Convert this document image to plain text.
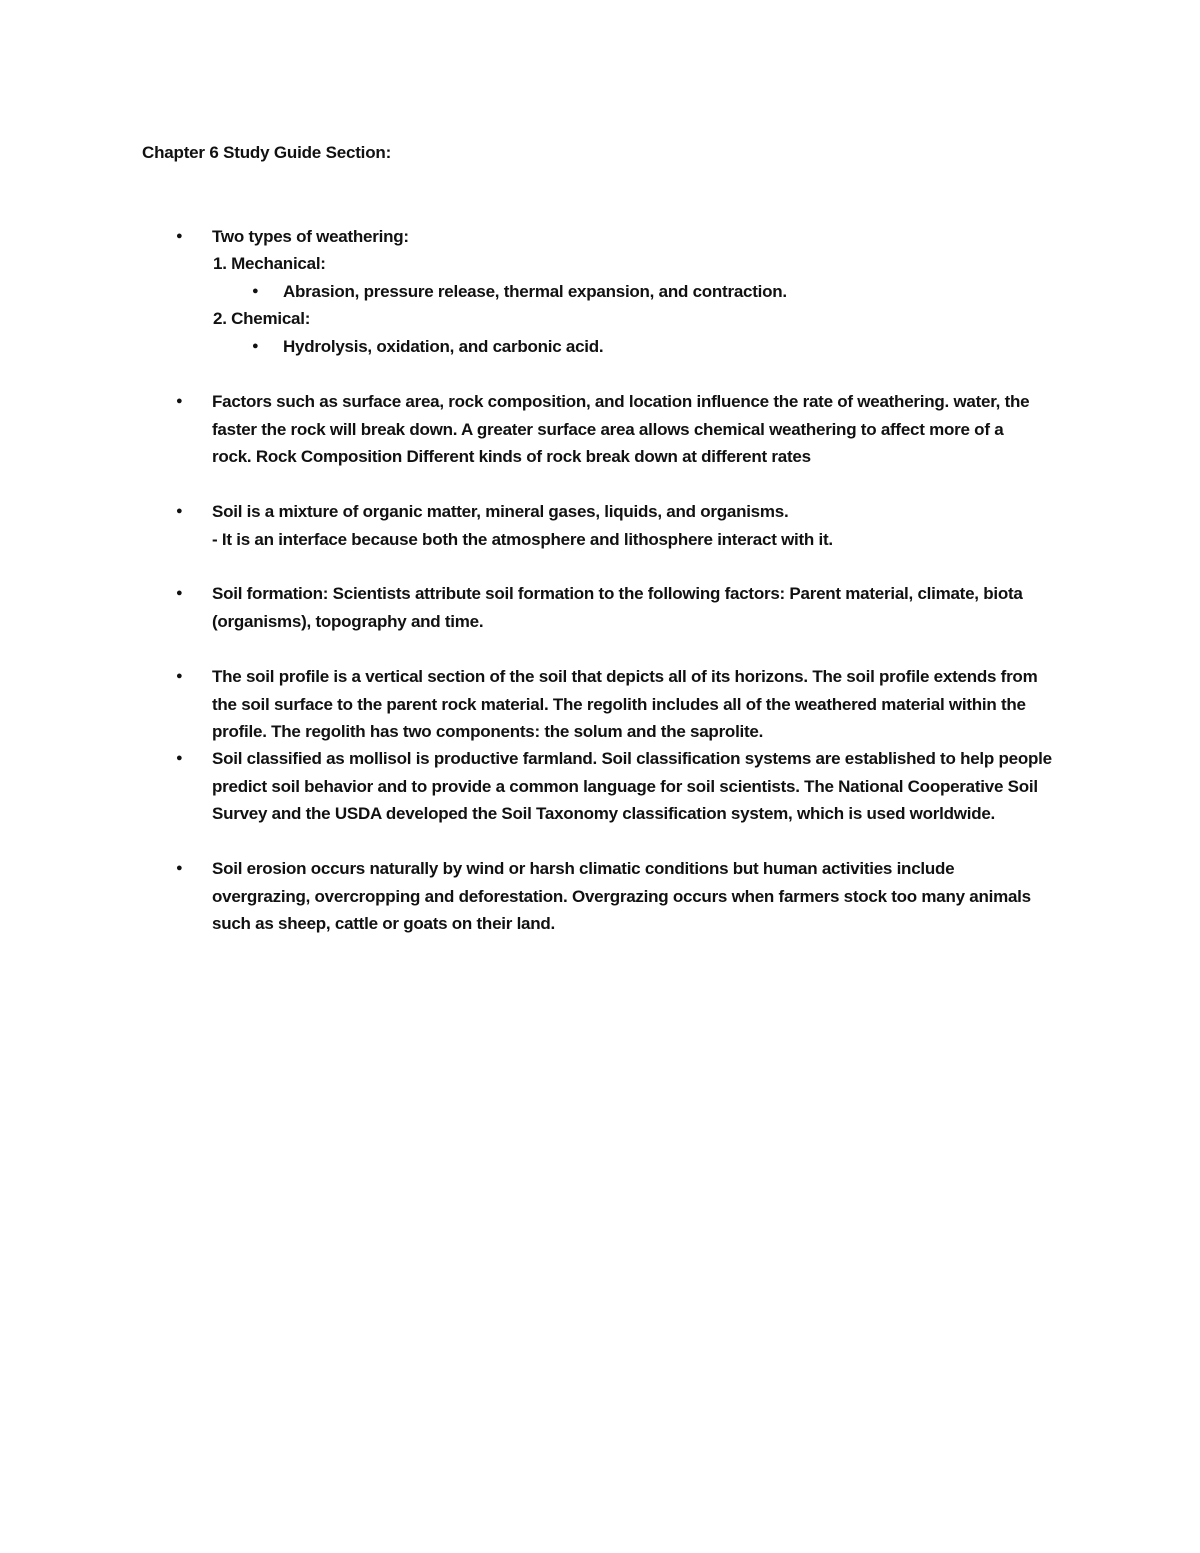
Chapter 6 Study Guide Section:
●	Two types of weathering:
1. Mechanical:
● Abrasion, pressure release, thermal expansion, and contraction.
2. Chemical:
● Hydrolysis, oxidation, and carbonic acid.
●	Factors such as surface area, rock composition, and location influence the rate of weathering. water, the
faster the rock will break down. A greater surface area allows chemical weathering to affect more of a
rock. Rock Composition Different kinds of rock break down at different rates
●	Soil is a mixture of organic matter, mineral gases, liquids, and organisms.
- It is an interface because both the atmosphere and lithosphere interact with it.
●	Soil formation: Scientists attribute soil formation to the following factors: Parent material, climate, biota
(organisms), topography and time.
●	The soil profile is a vertical section of the soil that depicts all of its horizons. The soil profile extends from
the soil surface to the parent rock material. The regolith includes all of the weathered material within the
profile. The regolith has two components: the solum and the saprolite.
●	Soil classified as mollisol is productive farmland. Soil classification systems are established to help people
predict soil behavior and to provide a common language for soil scientists. The National Cooperative Soil
Survey and the USDA developed the Soil Taxonomy classification system, which is used worldwide.
●	Soil erosion occurs naturally by wind or harsh climatic conditions but human activities include
overgrazing, overcropping and deforestation. Overgrazing occurs when farmers stock too many animals
such as sheep, cattle or goats on their land.
